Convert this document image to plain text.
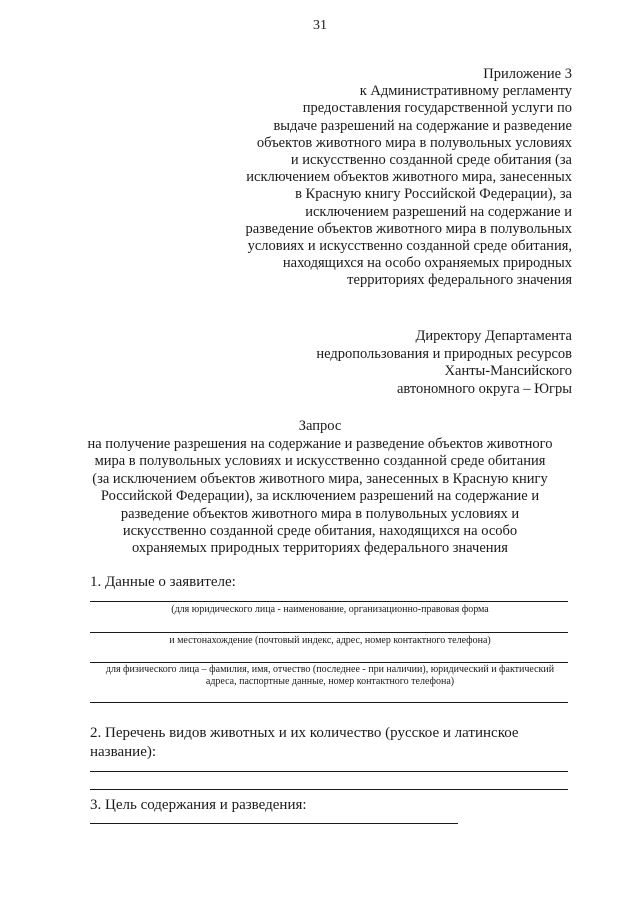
31
Приложение 3
к Административному регламенту
предоставления государственной услуги по
выдаче разрешений на содержание и разведение
объектов животного мира в полувольных условиях
и искусственно созданной среде обитания (за
исключением объектов животного мира, занесенных
в Красную книгу Российской Федерации), за
исключением разрешений на содержание и
разведение объектов животного мира в полувольных
условиях и искусственно созданной среде обитания,
находящихся на особо охраняемых природных
территориях федерального значения
Директору Департамента
недропользования и природных ресурсов
Ханты-Мансийского
автономного округа – Югры
Запрос
на получение разрешения на содержание и разведение объектов животного
мира в полувольных условиях и искусственно созданной среде обитания
(за исключением объектов животного мира, занесенных в Красную книгу
Российской Федерации), за исключением разрешений на содержание и
разведение объектов животного мира в полувольных условиях и
искусственно созданной среде обитания, находящихся на особо
охраняемых природных территориях федерального значения
1. Данные о заявителе:
(для юридического лица - наименование, организационно-правовая форма
и местонахождение (почтовый индекс, адрес, номер контактного телефона)
для физического лица – фамилия, имя, отчество (последнее - при наличии), юридический и фактический
адреса, паспортные данные, номер контактного телефона)
2. Перечень видов животных и их количество (русское и латинское
название):
3. Цель содержания и разведения:
